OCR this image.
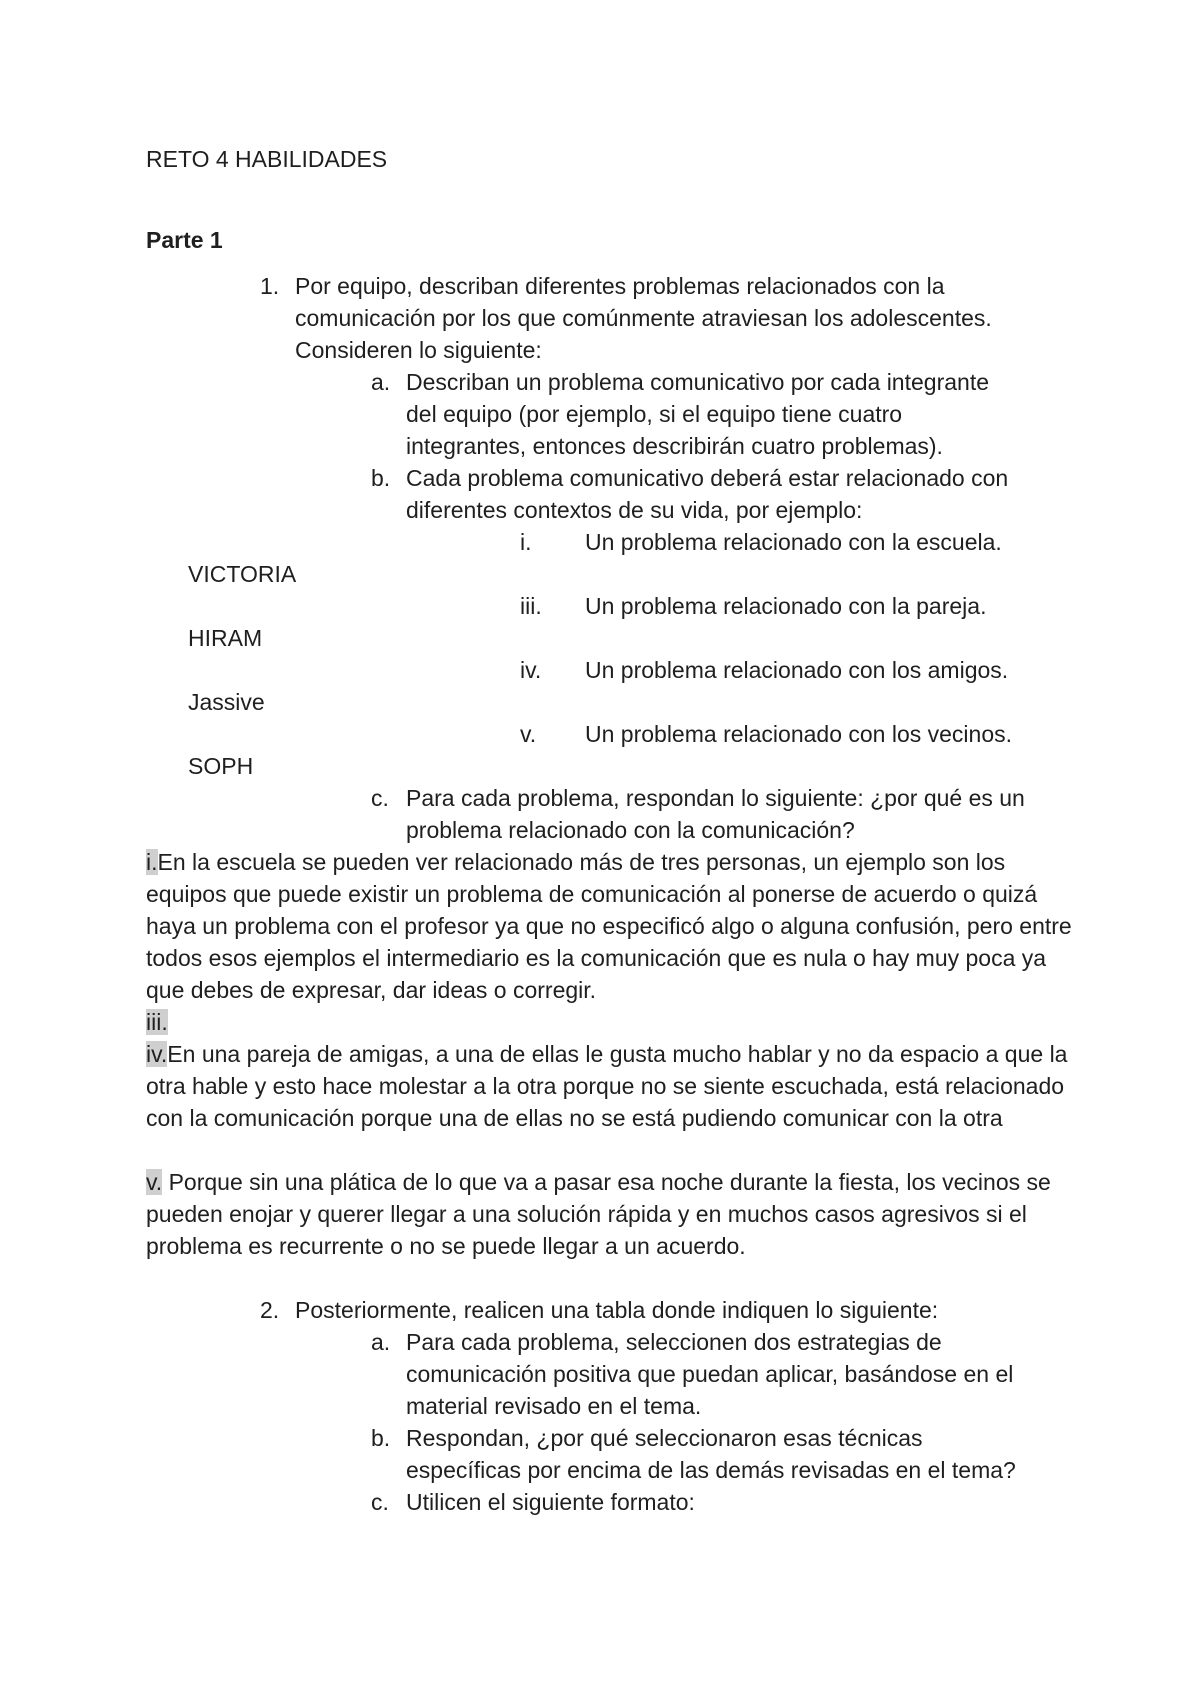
RETO 4 HABILIDADES
Parte 1
1. Por equipo, describan diferentes problemas relacionados con la
comunicación por los que comúnmente atraviesan los adolescentes.
Consideren lo siguiente:
a. Describan un problema comunicativo por cada integrante
del equipo (por ejemplo, si el equipo tiene cuatro
integrantes, entonces describirán cuatro problemas).
b. Cada problema comunicativo deberá estar relacionado con
diferentes contextos de su vida, por ejemplo:
i. Un problema relacionado con la escuela.
VICTORIA
iii. Un problema relacionado con la pareja.
HIRAM
iv. Un problema relacionado con los amigos.
Jassive
v. Un problema relacionado con los vecinos.
SOPH
c. Para cada problema, respondan lo siguiente: ¿por qué es un
problema relacionado con la comunicación?
i.En la escuela se pueden ver relacionado más de tres personas, un ejemplo son los equipos que puede existir un problema de comunicación al ponerse de acuerdo o quizá haya un problema con el profesor ya que no especificó algo o alguna confusión, pero entre todos esos ejemplos el intermediario es la comunicación que es nula o hay muy poca ya que debes de expresar, dar ideas o corregir.
iii.
iv.En una pareja de amigas, a una de ellas le gusta mucho hablar y no da espacio a que la otra hable y esto hace molestar a la otra porque no se siente escuchada, está relacionado con la comunicación porque una de ellas no se está pudiendo comunicar con la otra
v. Porque sin una plática de lo que va a pasar esa noche durante la fiesta, los vecinos se pueden enojar y querer llegar a una solución rápida y en muchos casos agresivos si el problema es recurrente o no se puede llegar a un acuerdo.
2. Posteriormente, realicen una tabla donde indiquen lo siguiente:
a. Para cada problema, seleccionen dos estrategias de
comunicación positiva que puedan aplicar, basándose en el
material revisado en el tema.
b. Respondan, ¿por qué seleccionaron esas técnicas
específicas por encima de las demás revisadas en el tema?
c. Utilicen el siguiente formato:
